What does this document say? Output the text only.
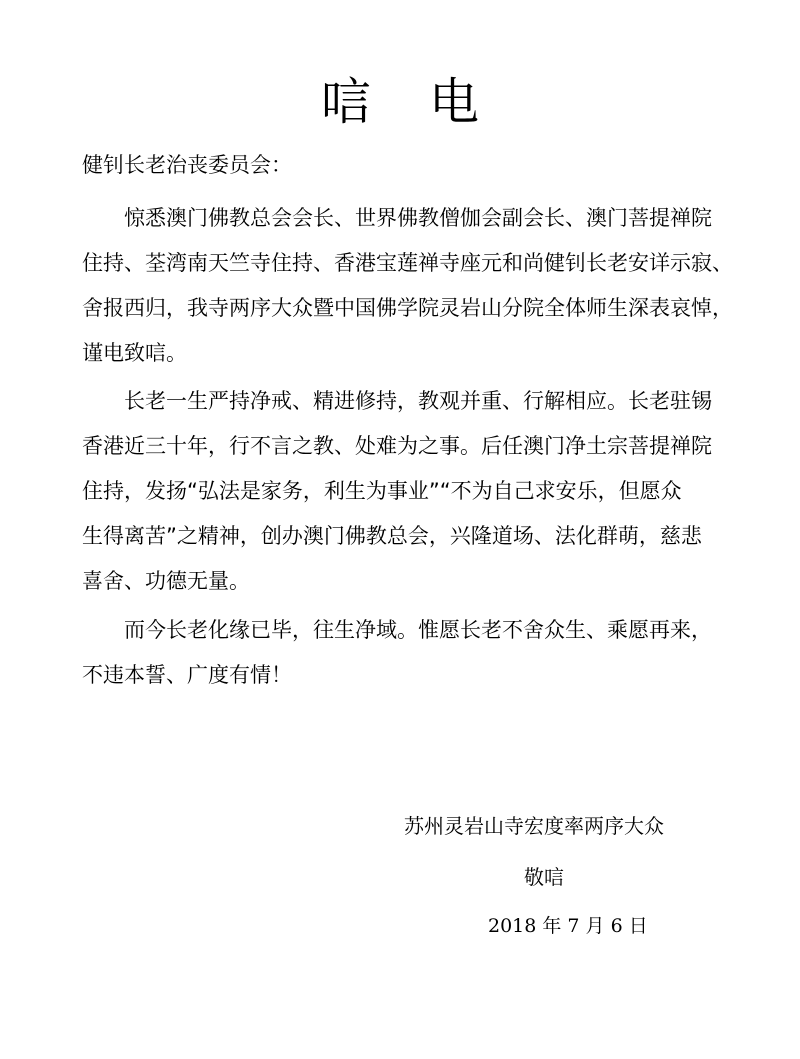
唁 电

健钊长老治丧委员会：

惊悉澳门佛教总会会长、世界佛教僧伽会副会长、澳门菩提禅院
住持、荃湾南天竺寺住持、香港宝莲禅寺座元和尚健钊长老安详示寂、
舍报西归，我寺两序大众暨中国佛学院灵岩山分院全体师生深表哀悼，
谨电致唁。
长老一生严持净戒、精进修持，教观并重、行解相应。长老驻锡
香港近三十年，行不言之教、处难为之事。后任澳门净土宗菩提禅院
住持，发扬“弘法是家务，利生为事业”“不为自己求安乐，但愿众
生得离苦”之精神，创办澳门佛教总会，兴隆道场、法化群萌，慈悲
喜舍、功德无量。
而今长老化缘已毕，往生净域。惟愿长老不舍众生、乘愿再来，
不违本誓、广度有情！

苏州灵岩山寺宏度率两序大众

敬唁

2018 年 7 月 6 日
